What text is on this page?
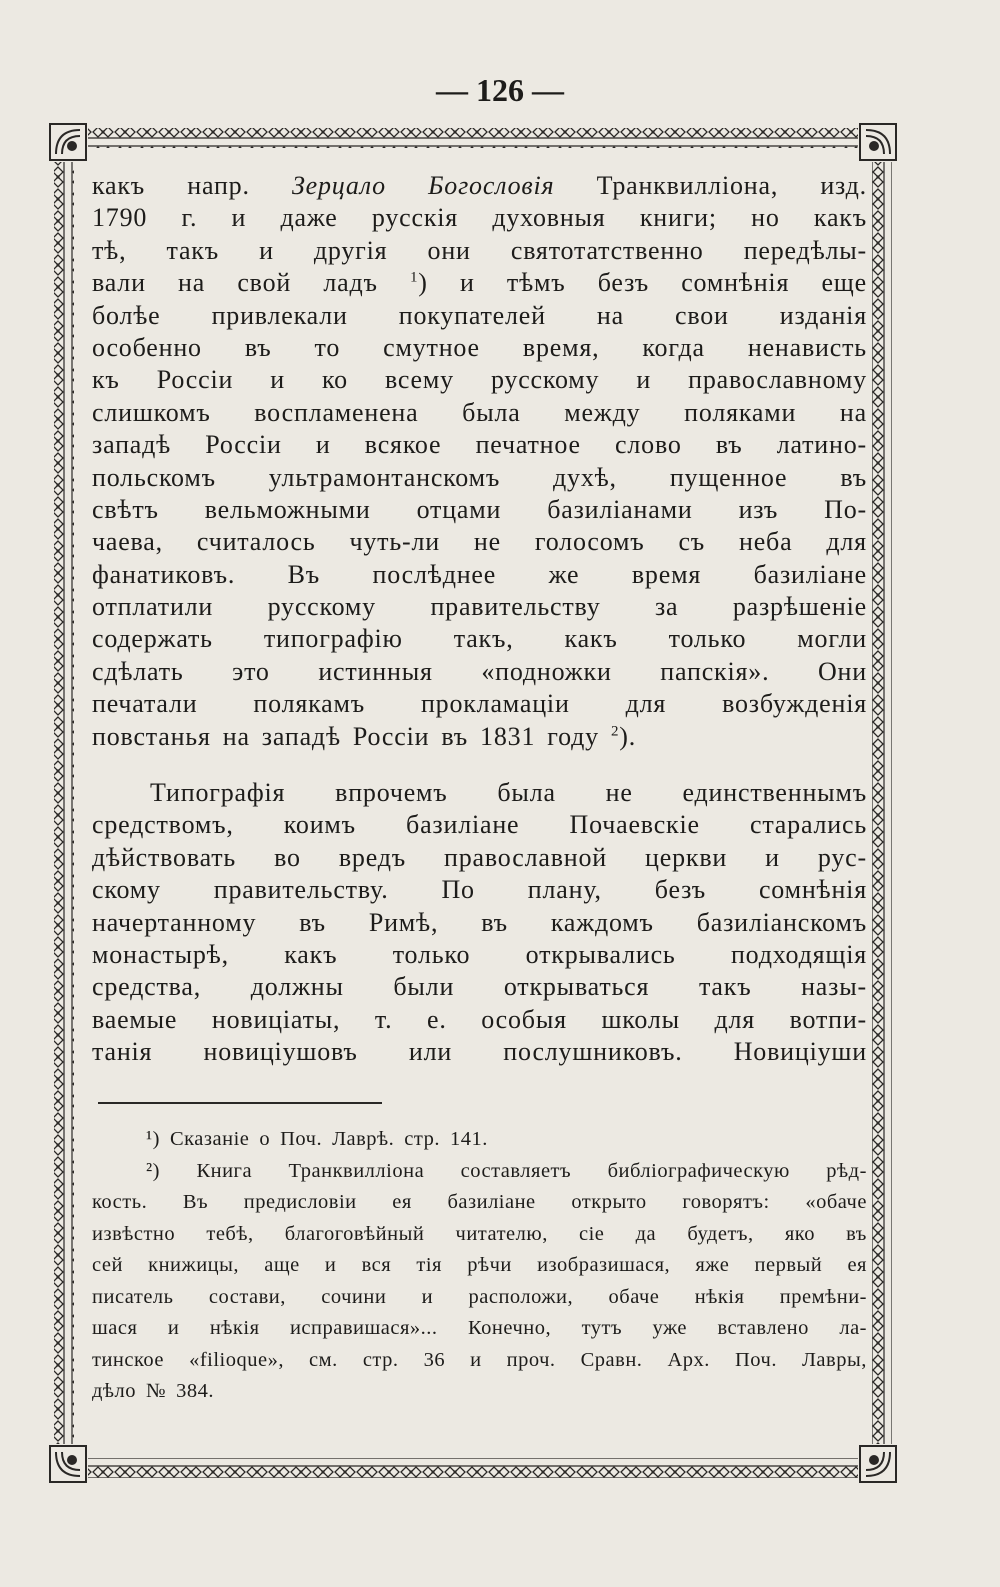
— 126 —
какъ напр. Зерцало Богословія Транквилліона, изд.
1790 г. и даже русскія духовныя книги; но какъ
тѣ, такъ и другія они святотатственно передѣлы-
вали на свой ладъ $^1$) и тѣмъ безъ сомнѣнія еще
болѣе привлекали покупателей на свои изданія
особенно въ то смутное время, когда ненависть
къ Россіи и ко всему русскому и православному
слишкомъ воспламенена была между поляками на
западѣ Россіи и всякое печатное слово въ латино-
польскомъ ультрамонтанскомъ духѣ, пущенное въ
свѣтъ вельможными отцами базиліанами изъ По-
чаева, считалось чуть-ли не голосомъ съ неба для
фанатиковъ. Въ послѣднее же время базиліане
отплатили русскому правительству за разрѣшеніе
содержать типографію такъ, какъ только могли
сдѣлать это истинныя «подножки папскія». Они
печатали полякамъ прокламаціи для возбужденія
повстанья на западѣ Россіи въ 1831 году $^2$).
Типографія впрочемъ была не единственнымъ
средствомъ, коимъ базиліане Почаевскіе старались
дѣйствовать во вредъ православной церкви и рус-
скому правительству. По плану, безъ сомнѣнія
начертанному въ Римѣ, въ каждомъ базиліанскомъ
монастырѣ, какъ только открывались подходящія
средства, должны были открываться такъ назы-
ваемые новиціаты, т. е. особыя школы для вотпи-
танія новиціушовъ или послушниковъ. Новиціуши
¹) Сказаніе о Поч. Лаврѣ. стр. 141.
²) Книга Транквилліона составляетъ библіографическую рѣд-
кость. Въ предисловіи ея базиліане открыто говорятъ: «обаче
извѣстно тебѣ, благоговѣйный читателю, сіе да будетъ, яко въ
сей книжицы, аще и вся тія рѣчи изобразишася, яже первый ея
писатель состави, сочини и расположи, обаче нѣкія премѣни-
шася и нѣкія исправишася»... Конечно, тутъ уже вставлено ла-
тинское «filioque», см. стр. 36 и проч. Сравн. Арх. Поч. Лавры,
дѣло № 384.
